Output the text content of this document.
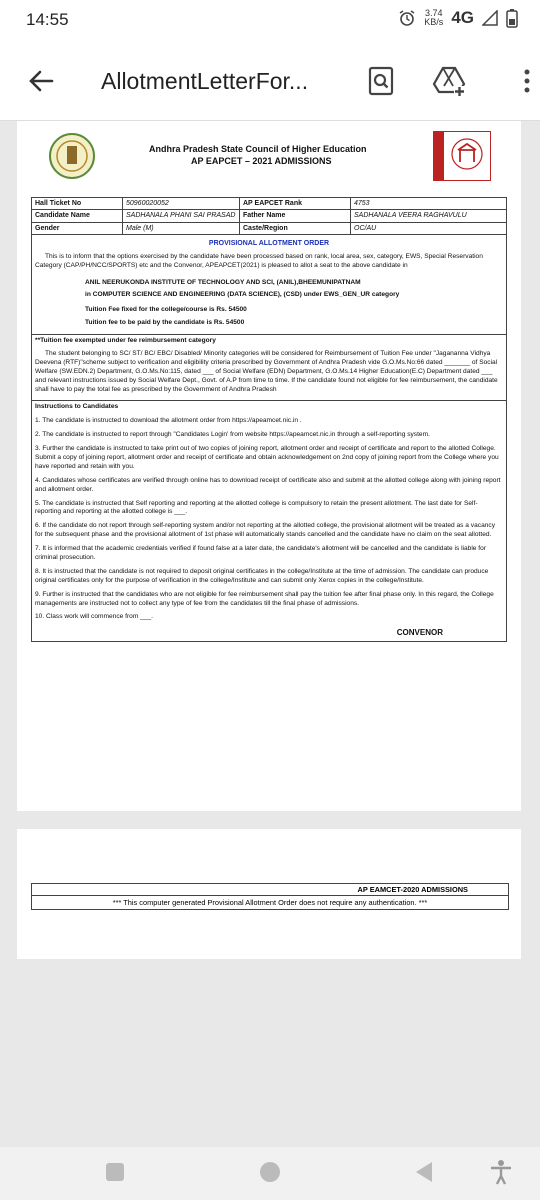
14:55	3.74
KB/s 4G
AllotmentLetterFor...
Andhra Pradesh State Council of Higher Education
AP EAPCET – 2021 ADMISSIONS
Hall Ticket No	50960020052	AP EAPCET Rank	4753
Candidate Name	SADHANALA PHANI SAI PRASAD	Father Name	SADHANALA VEERA RAGHAVULU
Gender	Male (M)	Caste/Region	OC/AU
PROVISIONAL ALLOTMENT ORDER

This is to inform that the options exercised by the candidate have been processed based on rank, local area, sex, category, EWS, Special Reservation Category (CAP/PH/NCC/SPORTS) etc and the Convenor, APEAPCET(2021) is pleased to allot a seat to the above candidate in

ANIL NEERUKONDA INSTITUTE OF TECHNOLOGY AND SCI, (ANIL),BHEEMUNIPATNAM

in COMPUTER SCIENCE AND ENGINEERING (DATA SCIENCE), (CSD) under EWS_GEN_UR category

Tuition Fee fixed for the college/course is Rs. 54500

Tuition fee to be paid by the candidate is Rs. 54500

**Tuition fee exempted under fee reimbursement category

The student belonging to SC/ ST/ BC/ EBC/ Disabled/ Minority categories will be considered for Reimbursement of Tuition Fee under "Jagananna Vidhya Deevena (RTF)"scheme subject to verification and eligibility criteria prescribed by Government of Andhra Pradesh vide G.O.Ms.No:66 dated _______ of Social Welfare (SW.EDN.2) Department, G.O.Ms.No:115, dated ___ of Social Welfare (EDN) Department, G.O.Ms.14 Higher Education(E.C) Department dated ___ and relevant instructions issued by Social Welfare Dept., Govt. of A.P from time to time. If the candidate found not eligible for fee reimbursement, the candidate shall have to pay the total fee as prescribed by the Government of Andhra Pradesh

Instructions to Candidates

1. The candidate is instructed to download the allotment order from https://apeamcet.nic.in .

2. The candidate is instructed to report through "Candidates Login' from website https://apeamcet.nic.in through a self-reporting system.

3. Further the candidate is instructed to take print out of two copies of joining report, allotment order and receipt of certificate and report to the allotted College. Submit a copy of joining report, allotment order and receipt of certificate and obtain acknowledgement on 2nd copy of joining report from the College where you have reported and retain with you.

4. Candidates whose certificates are verified through online has to download receipt of certificate also and submit at the allotted college along with joining report and allotment order.

5. The candidate is instructed that Self reporting and reporting at the allotted college is compulsory to retain the present allotment. The last date for Self-reporting and reporting at the allotted college is ___.

6. If the candidate do not report through self-reporting system and/or not reporting at the allotted college, the provisional allotment will be treated as a vacancy for the subsequent phase and the provisional allotment of 1st phase will automatically stands cancelled and the candidate have no claim on the seat allotted.

7. It is informed that the academic credentials verified if found false at a later date, the candidate's allotment will be cancelled and the candidate is liable for criminal prosecution.

8. It is instructed that the candidate is not required to deposit original certificates in the college/Institute at the time of admission. The candidate can produce original certificates only for the purpose of verification in the college/Institute and can submit only Xerox copies in the college/Institute.

9. Further is instructed that the candidates who are not eligible for fee reimbursement shall pay the tuition fee after final phase only. In this regard, the College managements are instructed not to collect any type of fee from the candidates till the final phase of admissions.

10. Class work will commence from ___.

CONVENOR
AP EAMCET-2020 ADMISSIONS
*** This computer generated Provisional Allotment Order does not require any authentication. ***
